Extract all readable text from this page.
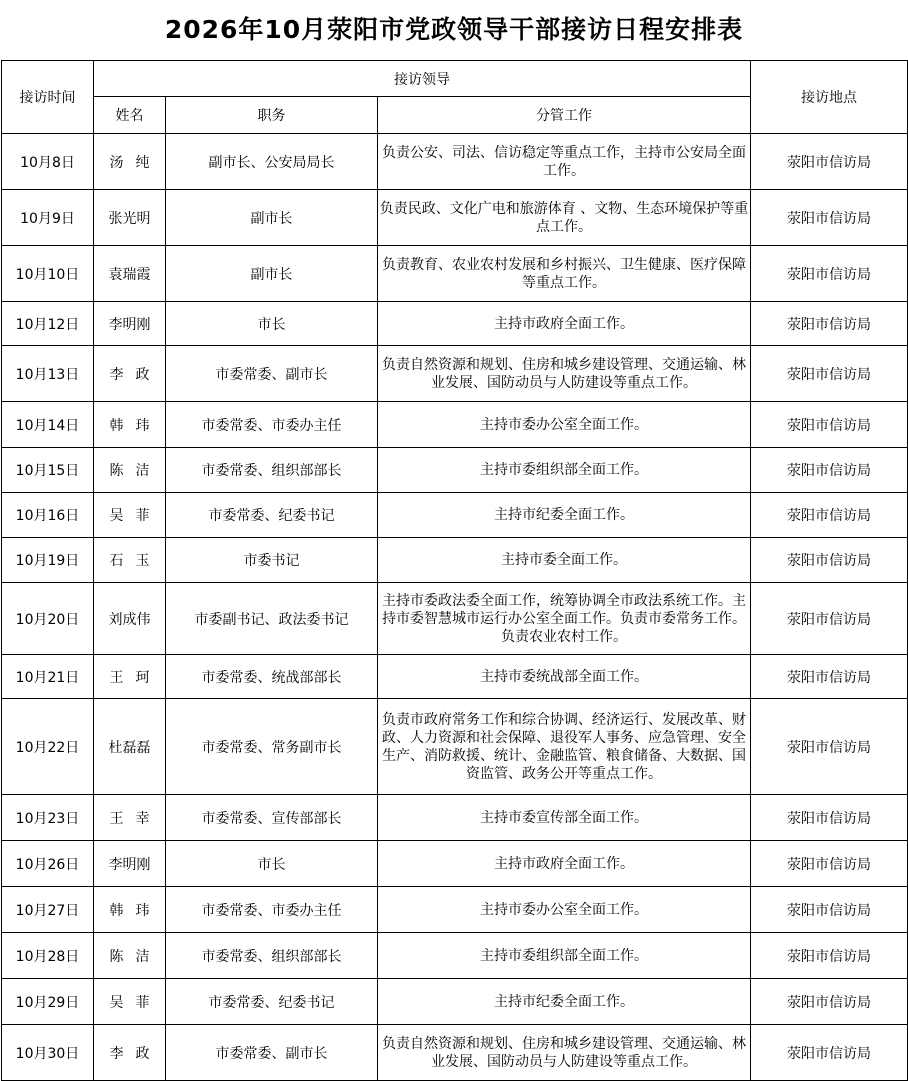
2026年10月荥阳市党政领导干部接访日程安排表
接访时间	接访领导			接访地点
	姓名	职务	分管工作	
10月8日	汤纯	副市长、公安局局长	负责公安、司法、信访稳定等重点工作，主持市公安局全面工作。	荥阳市信访局
10月9日	张光明	副市长	负责民政、文化广电和旅游体育 、文物、生态环境保护等重点工作。	荥阳市信访局
10月10日	袁瑞霞	副市长	负责教育、农业农村发展和乡村振兴、卫生健康、医疗保障等重点工作。	荥阳市信访局
10月12日	李明刚	市长	主持市政府全面工作。	荥阳市信访局
10月13日	李政	市委常委、副市长	负责自然资源和规划、住房和城乡建设管理、交通运输、林业发展、国防动员与人防建设等重点工作。	荥阳市信访局
10月14日	韩玮	市委常委、市委办主任	主持市委办公室全面工作。	荥阳市信访局
10月15日	陈洁	市委常委、组织部部长	主持市委组织部全面工作。	荥阳市信访局
10月16日	吴菲	市委常委、纪委书记	主持市纪委全面工作。	荥阳市信访局
10月19日	石玉	市委书记	主持市委全面工作。	荥阳市信访局
10月20日	刘成伟	市委副书记、政法委书记	主持市委政法委全面工作，统筹协调全市政法系统工作。主持市委智慧城市运行办公室全面工作。负责市委常务工作。负责农业农村工作。	荥阳市信访局
10月21日	王珂	市委常委、统战部部长	主持市委统战部全面工作。	荥阳市信访局
10月22日	杜磊磊	市委常委、常务副市长	负责市政府常务工作和综合协调、经济运行、发展改革、财政、人力资源和社会保障、退役军人事务、应急管理、安全生产、消防救援、统计、金融监管、粮食储备、大数据、国资监管、政务公开等重点工作。	荥阳市信访局
10月23日	王幸	市委常委、宣传部部长	主持市委宣传部全面工作。	荥阳市信访局
10月26日	李明刚	市长	主持市政府全面工作。	荥阳市信访局
10月27日	韩玮	市委常委、市委办主任	主持市委办公室全面工作。	荥阳市信访局
10月28日	陈洁	市委常委、组织部部长	主持市委组织部全面工作。	荥阳市信访局
10月29日	吴菲	市委常委、纪委书记	主持市纪委全面工作。	荥阳市信访局
10月30日	李政	市委常委、副市长	负责自然资源和规划、住房和城乡建设管理、交通运输、林业发展、国防动员与人防建设等重点工作。	荥阳市信访局
